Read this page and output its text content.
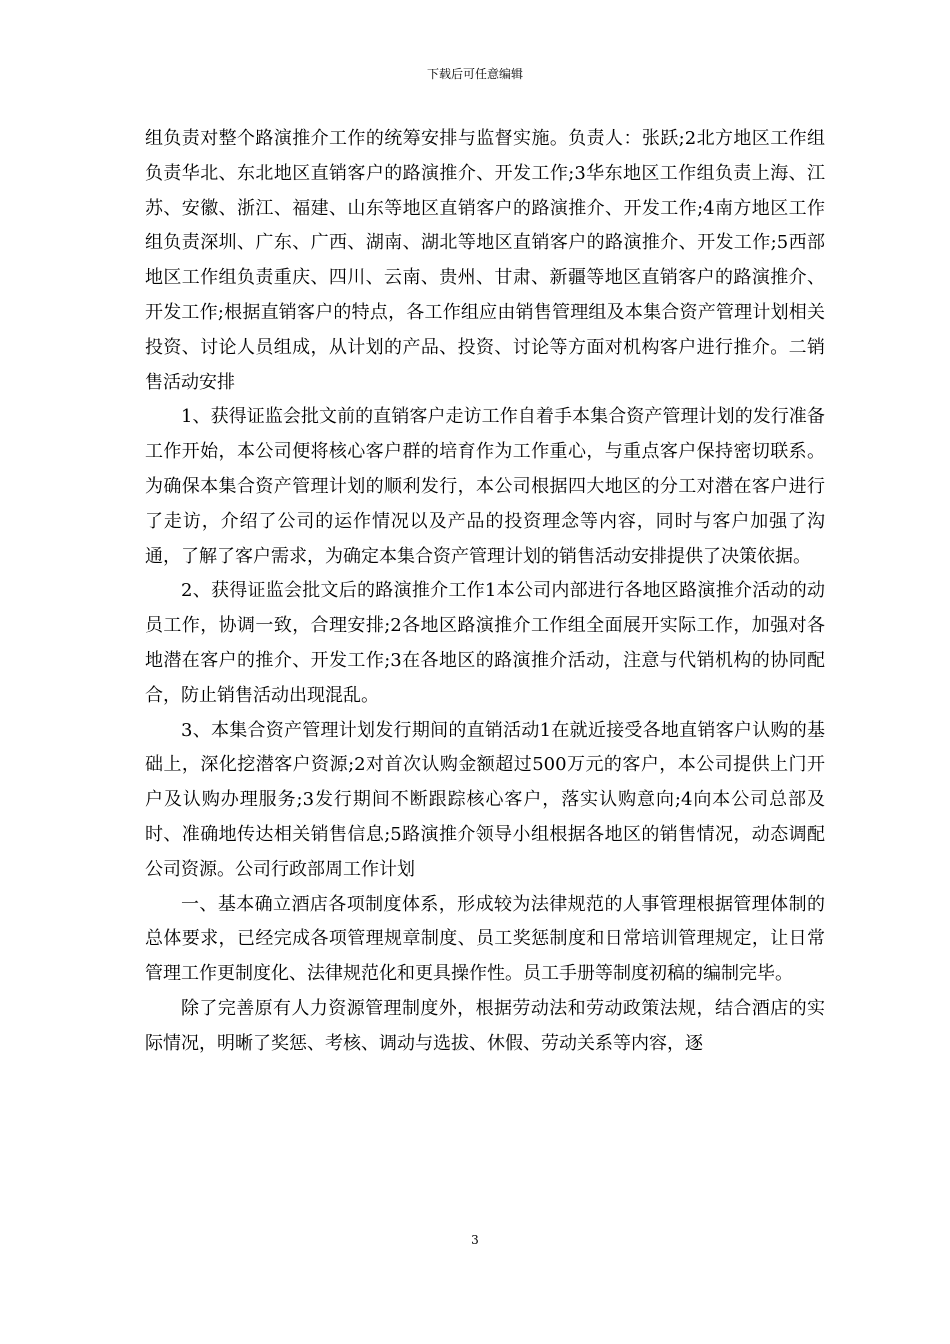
下载后可任意编辑

组负责对整个路演推介工作的统筹安排与监督实施。负责人：张跃;2北方地区工作组负责华北、东北地区直销客户的路演推介、开发工作;3华东地区工作组负责上海、江苏、安徽、浙江、福建、山东等地区直销客户的路演推介、开发工作;4南方地区工作组负责深圳、广东、广西、湖南、湖北等地区直销客户的路演推介、开发工作;5西部地区工作组负责重庆、四川、云南、贵州、甘肃、新疆等地区直销客户的路演推介、开发工作;根据直销客户的特点，各工作组应由销售管理组及本集合资产管理计划相关投资、讨论人员组成，从计划的产品、投资、讨论等方面对机构客户进行推介。二销售活动安排

1、获得证监会批文前的直销客户走访工作自着手本集合资产管理计划的发行准备工作开始，本公司便将核心客户群的培育作为工作重心，与重点客户保持密切联系。为确保本集合资产管理计划的顺利发行，本公司根据四大地区的分工对潜在客户进行了走访，介绍了公司的运作情况以及产品的投资理念等内容，同时与客户加强了沟通，了解了客户需求，为确定本集合资产管理计划的销售活动安排提供了决策依据。

2、获得证监会批文后的路演推介工作1本公司内部进行各地区路演推介活动的动员工作，协调一致，合理安排;2各地区路演推介工作组全面展开实际工作，加强对各地潜在客户的推介、开发工作;3在各地区的路演推介活动，注意与代销机构的协同配合，防止销售活动出现混乱。

3、本集合资产管理计划发行期间的直销活动1在就近接受各地直销客户认购的基础上，深化挖潜客户资源;2对首次认购金额超过500万元的客户，本公司提供上门开户及认购办理服务;3发行期间不断跟踪核心客户，落实认购意向;4向本公司总部及时、准确地传达相关销售信息;5路演推介领导小组根据各地区的销售情况，动态调配公司资源。公司行政部周工作计划

一、基本确立酒店各项制度体系，形成较为法律规范的人事管理根据管理体制的总体要求，已经完成各项管理规章制度、员工奖惩制度和日常培训管理规定，让日常管理工作更制度化、法律规范化和更具操作性。员工手册等制度初稿的编制完毕。

除了完善原有人力资源管理制度外，根据劳动法和劳动政策法规，结合酒店的实际情况，明晰了奖惩、考核、调动与选拔、休假、劳动关系等内容，逐

3
